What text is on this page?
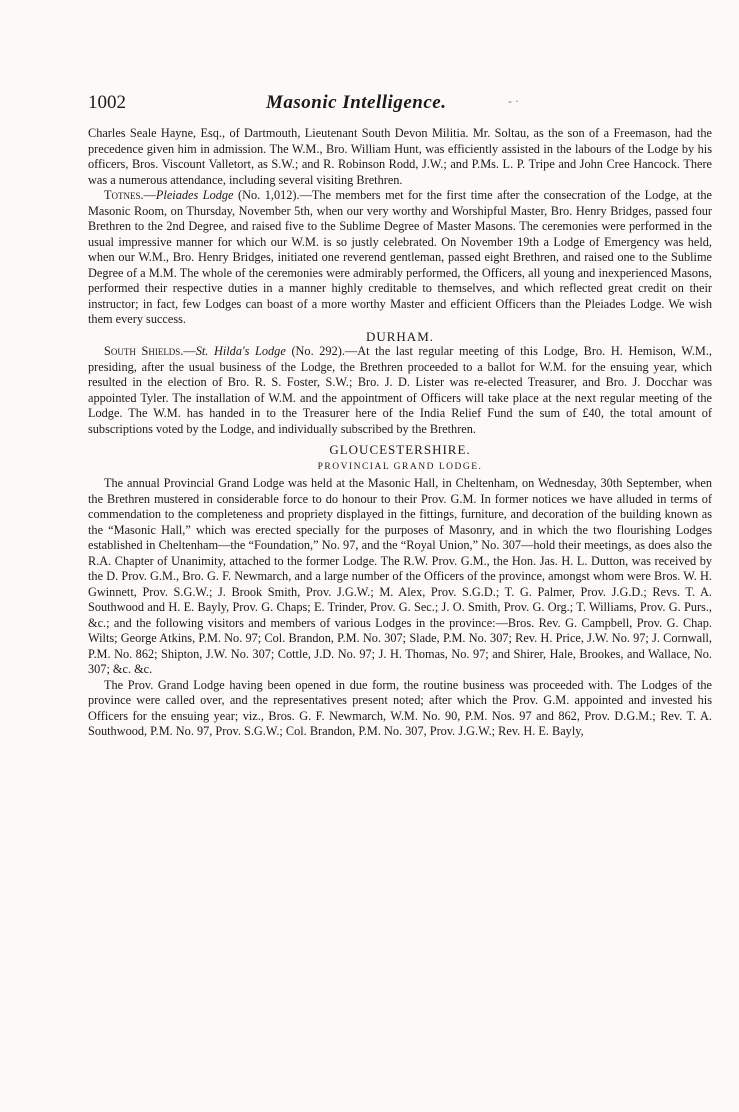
1002	Masonic Intelligence.	- ·

Charles Seale Hayne, Esq., of Dartmouth, Lieutenant South Devon Militia. Mr. Soltau, as the son of a Freemason, had the precedence given him in admission. The W.M., Bro. William Hunt, was efficiently assisted in the labours of the Lodge by his officers, Bros. Viscount Valletort, as S.W.; and R. Robinson Rodd, J.W.; and P.Ms. L. P. Tripe and John Cree Hancock. There was a numerous attendance, including several visiting Brethren.

Totnes.—Pleiades Lodge (No. 1,012).—The members met for the first time after the consecration of the Lodge, at the Masonic Room, on Thursday, November 5th, when our very worthy and Worshipful Master, Bro. Henry Bridges, passed four Brethren to the 2nd Degree, and raised five to the Sublime Degree of Master Masons. The ceremonies were performed in the usual impressive manner for which our W.M. is so justly celebrated. On November 19th a Lodge of Emergency was held, when our W.M., Bro. Henry Bridges, initiated one reverend gentleman, passed eight Brethren, and raised one to the Sublime Degree of a M.M. The whole of the ceremonies were admirably performed, the Officers, all young and inexperienced Masons, performed their respective duties in a manner highly creditable to themselves, and which reflected great credit on their instructor; in fact, few Lodges can boast of a more worthy Master and efficient Officers than the Pleiades Lodge. We wish them every success.

DURHAM.

South Shields.—St. Hilda's Lodge (No. 292).—At the last regular meeting of this Lodge, Bro. H. Hemison, W.M., presiding, after the usual business of the Lodge, the Brethren proceeded to a ballot for W.M. for the ensuing year, which resulted in the election of Bro. R. S. Foster, S.W.; Bro. J. D. Lister was re-elected Treasurer, and Bro. J. Docchar was appointed Tyler. The installation of W.M. and the appointment of Officers will take place at the next regular meeting of the Lodge. The W.M. has handed in to the Treasurer here of the India Relief Fund the sum of £40, the total amount of subscriptions voted by the Lodge, and individually subscribed by the Brethren.

GLOUCESTERSHIRE.
PROVINCIAL GRAND LODGE.

The annual Provincial Grand Lodge was held at the Masonic Hall, in Cheltenham, on Wednesday, 30th September, when the Brethren mustered in considerable force to do honour to their Prov. G.M. In former notices we have alluded in terms of commendation to the completeness and propriety displayed in the fittings, furniture, and decoration of the building known as the “Masonic Hall,” which was erected specially for the purposes of Masonry, and in which the two flourishing Lodges established in Cheltenham—the “Foundation,” No. 97, and the “Royal Union,” No. 307—hold their meetings, as does also the R.A. Chapter of Unanimity, attached to the former Lodge. The R.W. Prov. G.M., the Hon. Jas. H. L. Dutton, was received by the D. Prov. G.M., Bro. G. F. Newmarch, and a large number of the Officers of the province, amongst whom were Bros. W. H. Gwinnett, Prov. S.G.W.; J. Brook Smith, Prov. J.G.W.; M. Alex, Prov. S.G.D.; T. G. Palmer, Prov. J.G.D.; Revs. T. A. Southwood and H. E. Bayly, Prov. G. Chaps; E. Trinder, Prov. G. Sec.; J. O. Smith, Prov. G. Org.; T. Williams, Prov. G. Purs., &c.; and the following visitors and members of various Lodges in the province:—Bros. Rev. G. Campbell, Prov. G. Chap. Wilts; George Atkins, P.M. No. 97; Col. Brandon, P.M. No. 307; Slade, P.M. No. 307; Rev. H. Price, J.W. No. 97; J. Cornwall, P.M. No. 862; Shipton, J.W. No. 307; Cottle, J.D. No. 97; J. H. Thomas, No. 97; and Shirer, Hale, Brookes, and Wallace, No. 307; &c. &c.

The Prov. Grand Lodge having been opened in due form, the routine business was proceeded with. The Lodges of the province were called over, and the representatives present noted; after which the Prov. G.M. appointed and invested his Officers for the ensuing year; viz., Bros. G. F. Newmarch, W.M. No. 90, P.M. Nos. 97 and 862, Prov. D.G.M.; Rev. T. A. Southwood, P.M. No. 97, Prov. S.G.W.; Col. Brandon, P.M. No. 307, Prov. J.G.W.; Rev. H. E. Bayly,
